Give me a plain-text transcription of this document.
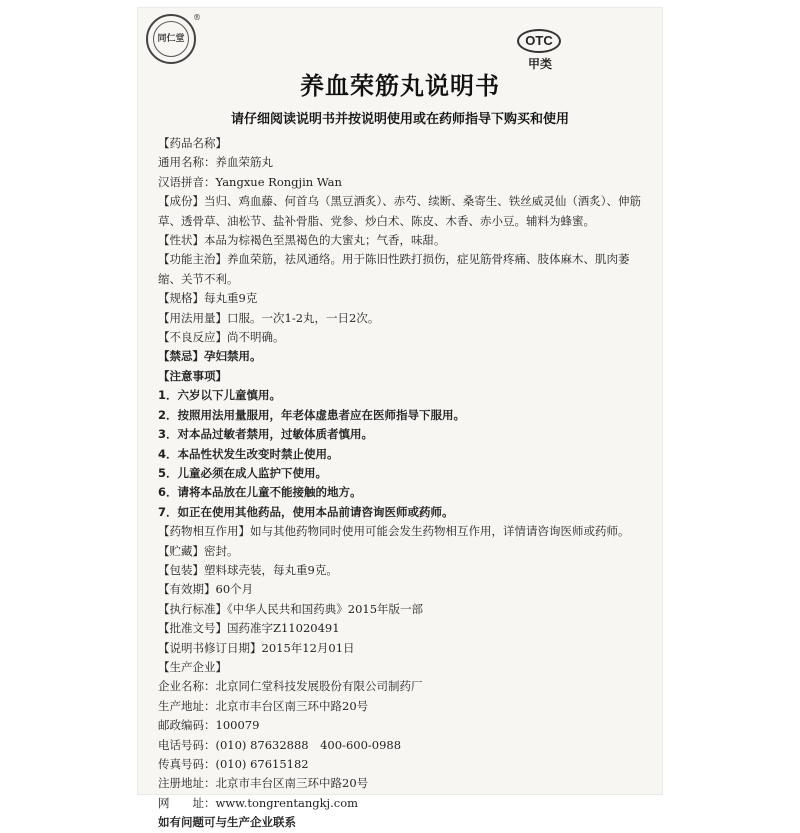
同仁堂
®
OTC
甲类
养血荣筋丸说明书
请仔细阅读说明书并按说明使用或在药师指导下购买和使用
【药品名称】
通用名称：养血荣筋丸
汉语拼音：Yangxue Rongjin Wan
【成份】当归、鸡血藤、何首乌（黑豆酒炙）、赤芍、续断、桑寄生、铁丝威灵仙（酒炙）、伸筋草、透骨草、油松节、盐补骨脂、党参、炒白术、陈皮、木香、赤小豆。辅料为蜂蜜。
【性状】本品为棕褐色至黑褐色的大蜜丸；气香，味甜。
【功能主治】养血荣筋，祛风通络。用于陈旧性跌打损伤，症见筋骨疼痛、肢体麻木、肌肉萎缩、关节不利。
【规格】每丸重9克
【用法用量】口服。一次1-2丸，一日2次。
【不良反应】尚不明确。
【禁忌】孕妇禁用。
【注意事项】
1．六岁以下儿童慎用。
2．按照用法用量服用，年老体虚患者应在医师指导下服用。
3．对本品过敏者禁用，过敏体质者慎用。
4．本品性状发生改变时禁止使用。
5．儿童必须在成人监护下使用。
6．请将本品放在儿童不能接触的地方。
7．如正在使用其他药品，使用本品前请咨询医师或药师。
【药物相互作用】如与其他药物同时使用可能会发生药物相互作用，详情请咨询医师或药师。
【贮藏】密封。
【包装】塑料球壳装，每丸重9克。
【有效期】60个月
【执行标准】《中华人民共和国药典》2015年版一部
【批准文号】国药准字Z11020491
【说明书修订日期】2015年12月01日
【生产企业】
企业名称：北京同仁堂科技发展股份有限公司制药厂
生产地址：北京市丰台区南三环中路20号
邮政编码：100079
电话号码：(010) 87632888　400-600-0988
传真号码：(010) 67615182
注册地址：北京市丰台区南三环中路20号
网　　址：www.tongrentangkj.com
如有问题可与生产企业联系
